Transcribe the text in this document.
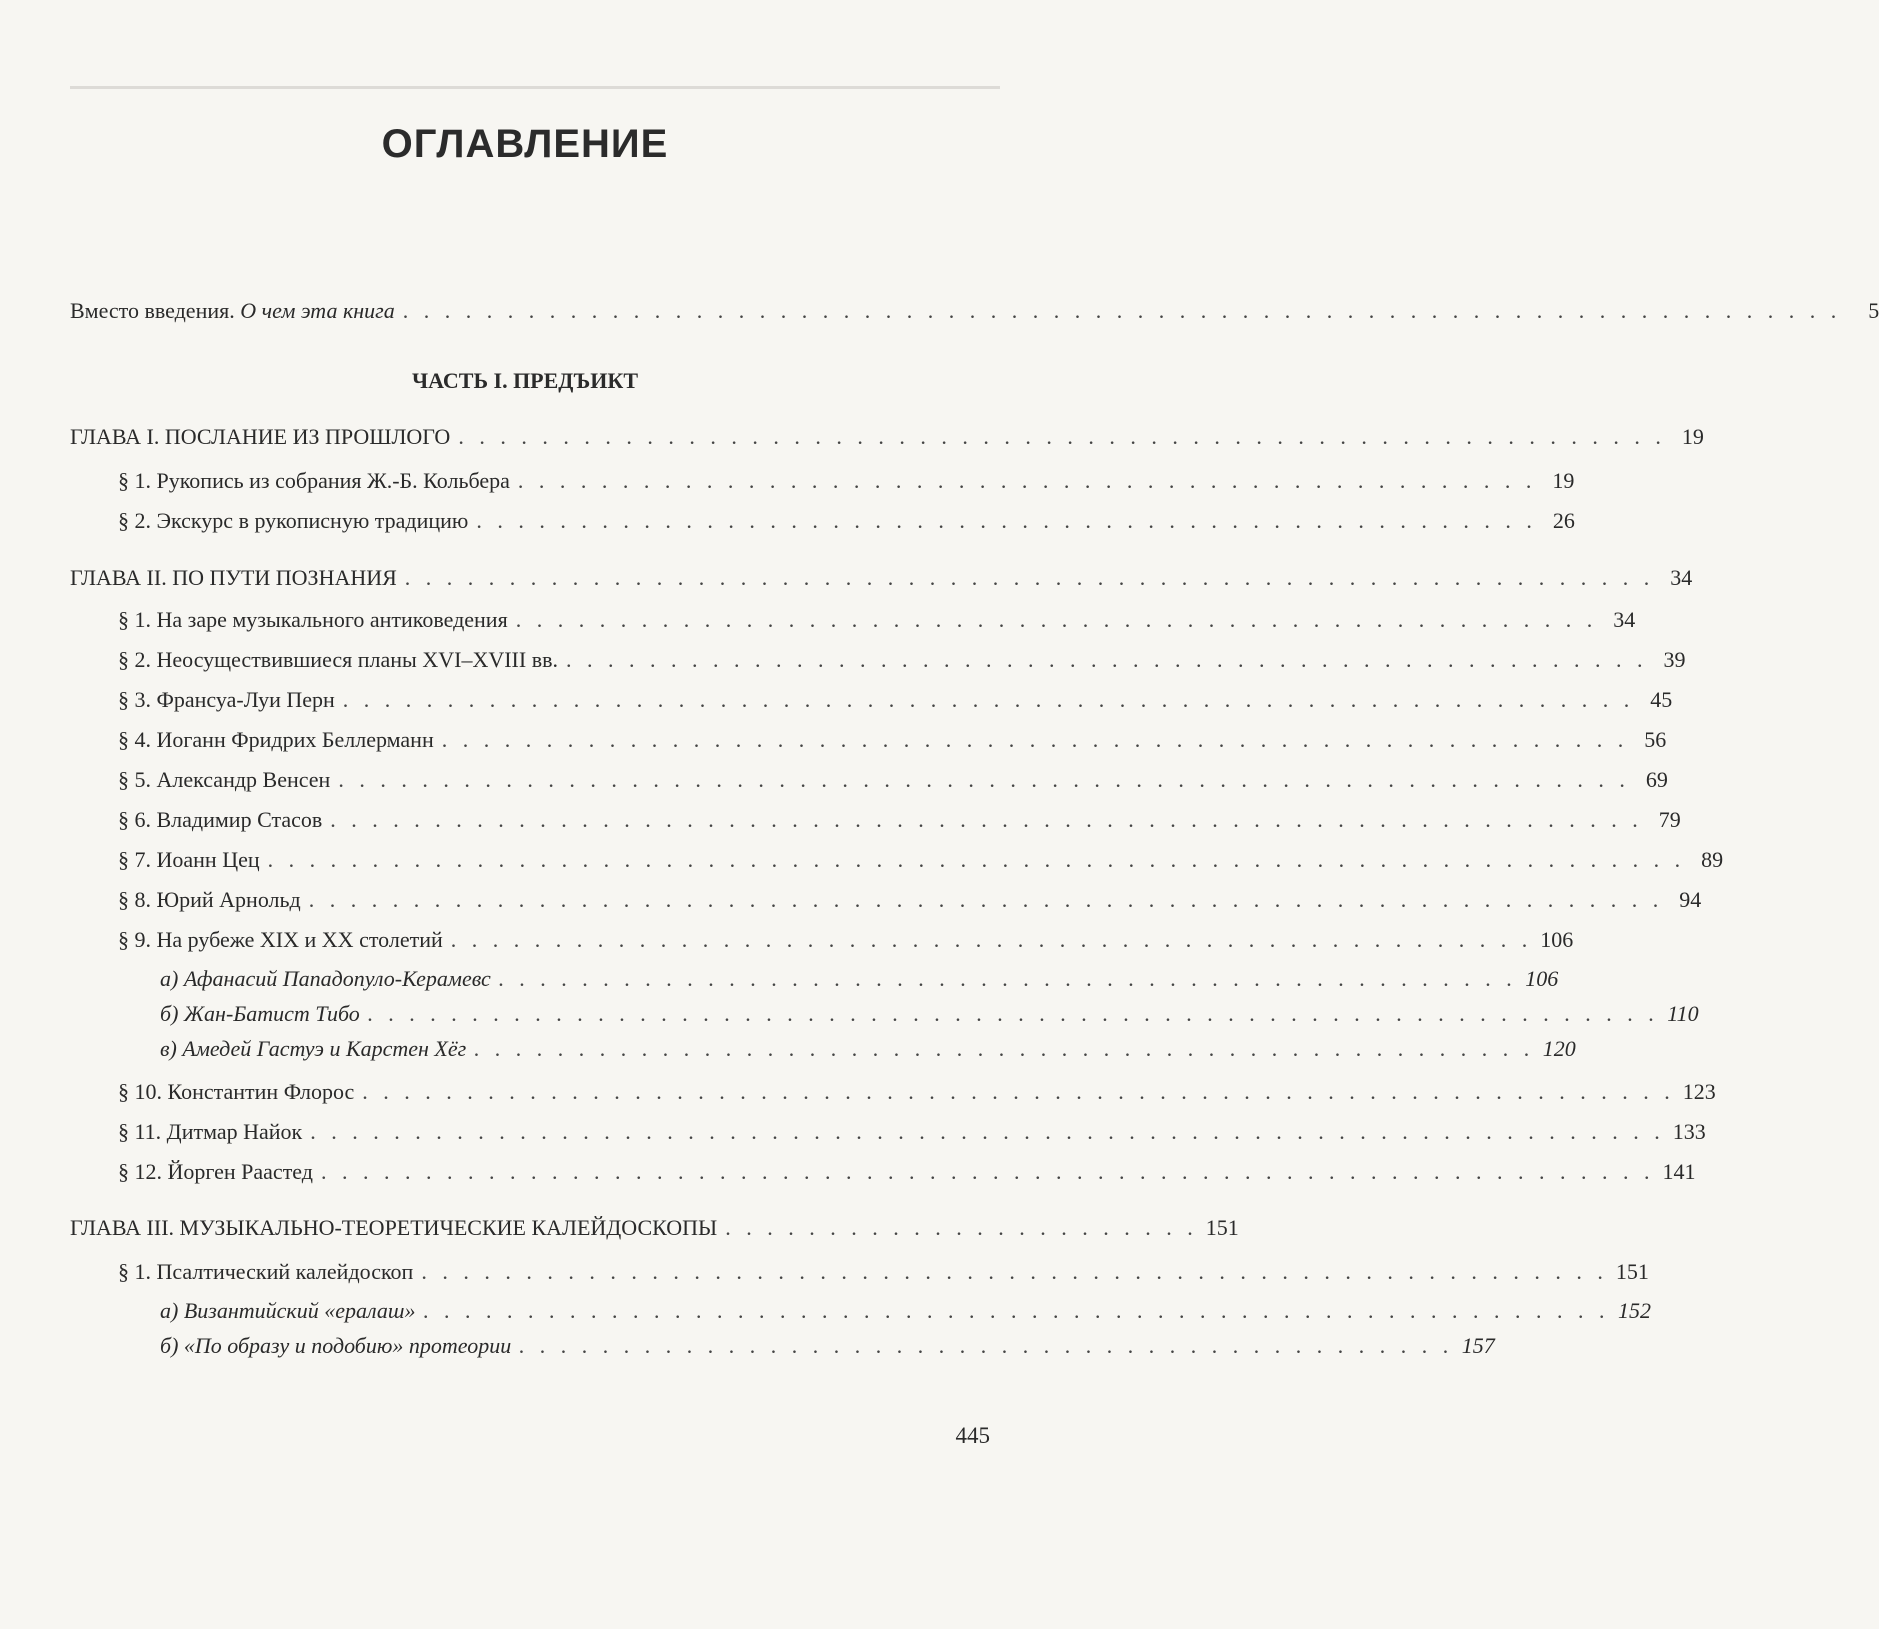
ОГЛАВЛЕНИЕ
Вместо введения. О чем эта книга . . . . . . . . . . . . . . . . . . . . . . . . . . . . . . . . . . . . . . . . . . . . . . . . . . . . . . . . . . . . . . . . . . . . .	5
ЧАСТЬ I. ПРЕДЪИКТ
ГЛАВА I. ПОСЛАНИЕ ИЗ ПРОШЛОГО . . . . . . . . . . . . . . . . . . . . . . . . . . . . . . . . . . . . . . . . . . . . . . . . . . . . . . . . . . 19
§ 1. Рукопись из собрания Ж.-Б. Кольбера . . . . . . . . . . . . . . . . . . . . . . . . . . . . . . . . . . . . . . . . . . . . . . . . . 19
§ 2. Экскурс в рукописную традицию . . . . . . . . . . . . . . . . . . . . . . . . . . . . . . . . . . . . . . . . . . . . . . . . . . . 26
ГЛАВА II. ПО ПУТИ ПОЗНАНИЯ . . . . . . . . . . . . . . . . . . . . . . . . . . . . . . . . . . . . . . . . . . . . . . . . . . . . . . . . . . . . 34
§ 1. На заре музыкального антиковедения . . . . . . . . . . . . . . . . . . . . . . . . . . . . . . . . . . . . . . . . . . . . . . . . . . . . 34
§ 2. Неосуществившиеся планы XVI–XVIII вв. . . . . . . . . . . . . . . . . . . . . . . . . . . . . . . . . . . . . . . . . . . . . . . . . . . . . 39
§ 3. Франсуа-Луи Перн . . . . . . . . . . . . . . . . . . . . . . . . . . . . . . . . . . . . . . . . . . . . . . . . . . . . . . . . . . . . . . 45
§ 4. Иоганн Фридрих Беллерманн . . . . . . . . . . . . . . . . . . . . . . . . . . . . . . . . . . . . . . . . . . . . . . . . . . . . . . . . . 56
§ 5. Александр Венсен . . . . . . . . . . . . . . . . . . . . . . . . . . . . . . . . . . . . . . . . . . . . . . . . . . . . . . . . . . . . . . 69
§ 6. Владимир Стасов . . . . . . . . . . . . . . . . . . . . . . . . . . . . . . . . . . . . . . . . . . . . . . . . . . . . . . . . . . . . . . . 79
§ 7. Иоанн Цец . . . . . . . . . . . . . . . . . . . . . . . . . . . . . . . . . . . . . . . . . . . . . . . . . . . . . . . . . . . . . . . . . . . . 89
§ 8. Юрий Арнольд . . . . . . . . . . . . . . . . . . . . . . . . . . . . . . . . . . . . . . . . . . . . . . . . . . . . . . . . . . . . . . . . . 94
§ 9. На рубеже XIX и XX столетий . . . . . . . . . . . . . . . . . . . . . . . . . . . . . . . . . . . . . . . . . . . . . . . . . . . . 106
а) Афанасий Пападопуло-Керамевс . . . . . . . . . . . . . . . . . . . . . . . . . . . . . . . . . . . . . . . . . . . . . . . . . 106
б) Жан-Батист Тибо . . . . . . . . . . . . . . . . . . . . . . . . . . . . . . . . . . . . . . . . . . . . . . . . . . . . . . . . . . . . . . 110
в) Амедей Гастуэ и Карстен Хёг . . . . . . . . . . . . . . . . . . . . . . . . . . . . . . . . . . . . . . . . . . . . . . . . . . . 120
§ 10. Константин Флорос . . . . . . . . . . . . . . . . . . . . . . . . . . . . . . . . . . . . . . . . . . . . . . . . . . . . . . . . . . . . . . . 123
§ 11. Дитмар Найок . . . . . . . . . . . . . . . . . . . . . . . . . . . . . . . . . . . . . . . . . . . . . . . . . . . . . . . . . . . . . . . . . 133
§ 12. Йорген Раастед . . . . . . . . . . . . . . . . . . . . . . . . . . . . . . . . . . . . . . . . . . . . . . . . . . . . . . . . . . . . . . . . 141
ГЛАВА III. МУЗЫКАЛЬНО-ТЕОРЕТИЧЕСКИЕ КАЛЕЙДОСКОПЫ . . . . . . . . . . . . . . . . . . . . . . . 151
§ 1. Псалтический калейдоскоп . . . . . . . . . . . . . . . . . . . . . . . . . . . . . . . . . . . . . . . . . . . . . . . . . . . . . . . . . 151
а) Византийский «ералаш» . . . . . . . . . . . . . . . . . . . . . . . . . . . . . . . . . . . . . . . . . . . . . . . . . . . . . . . . . 152
б) «По образу и подобию» протеории . . . . . . . . . . . . . . . . . . . . . . . . . . . . . . . . . . . . . . . . . . . . . 157
445
